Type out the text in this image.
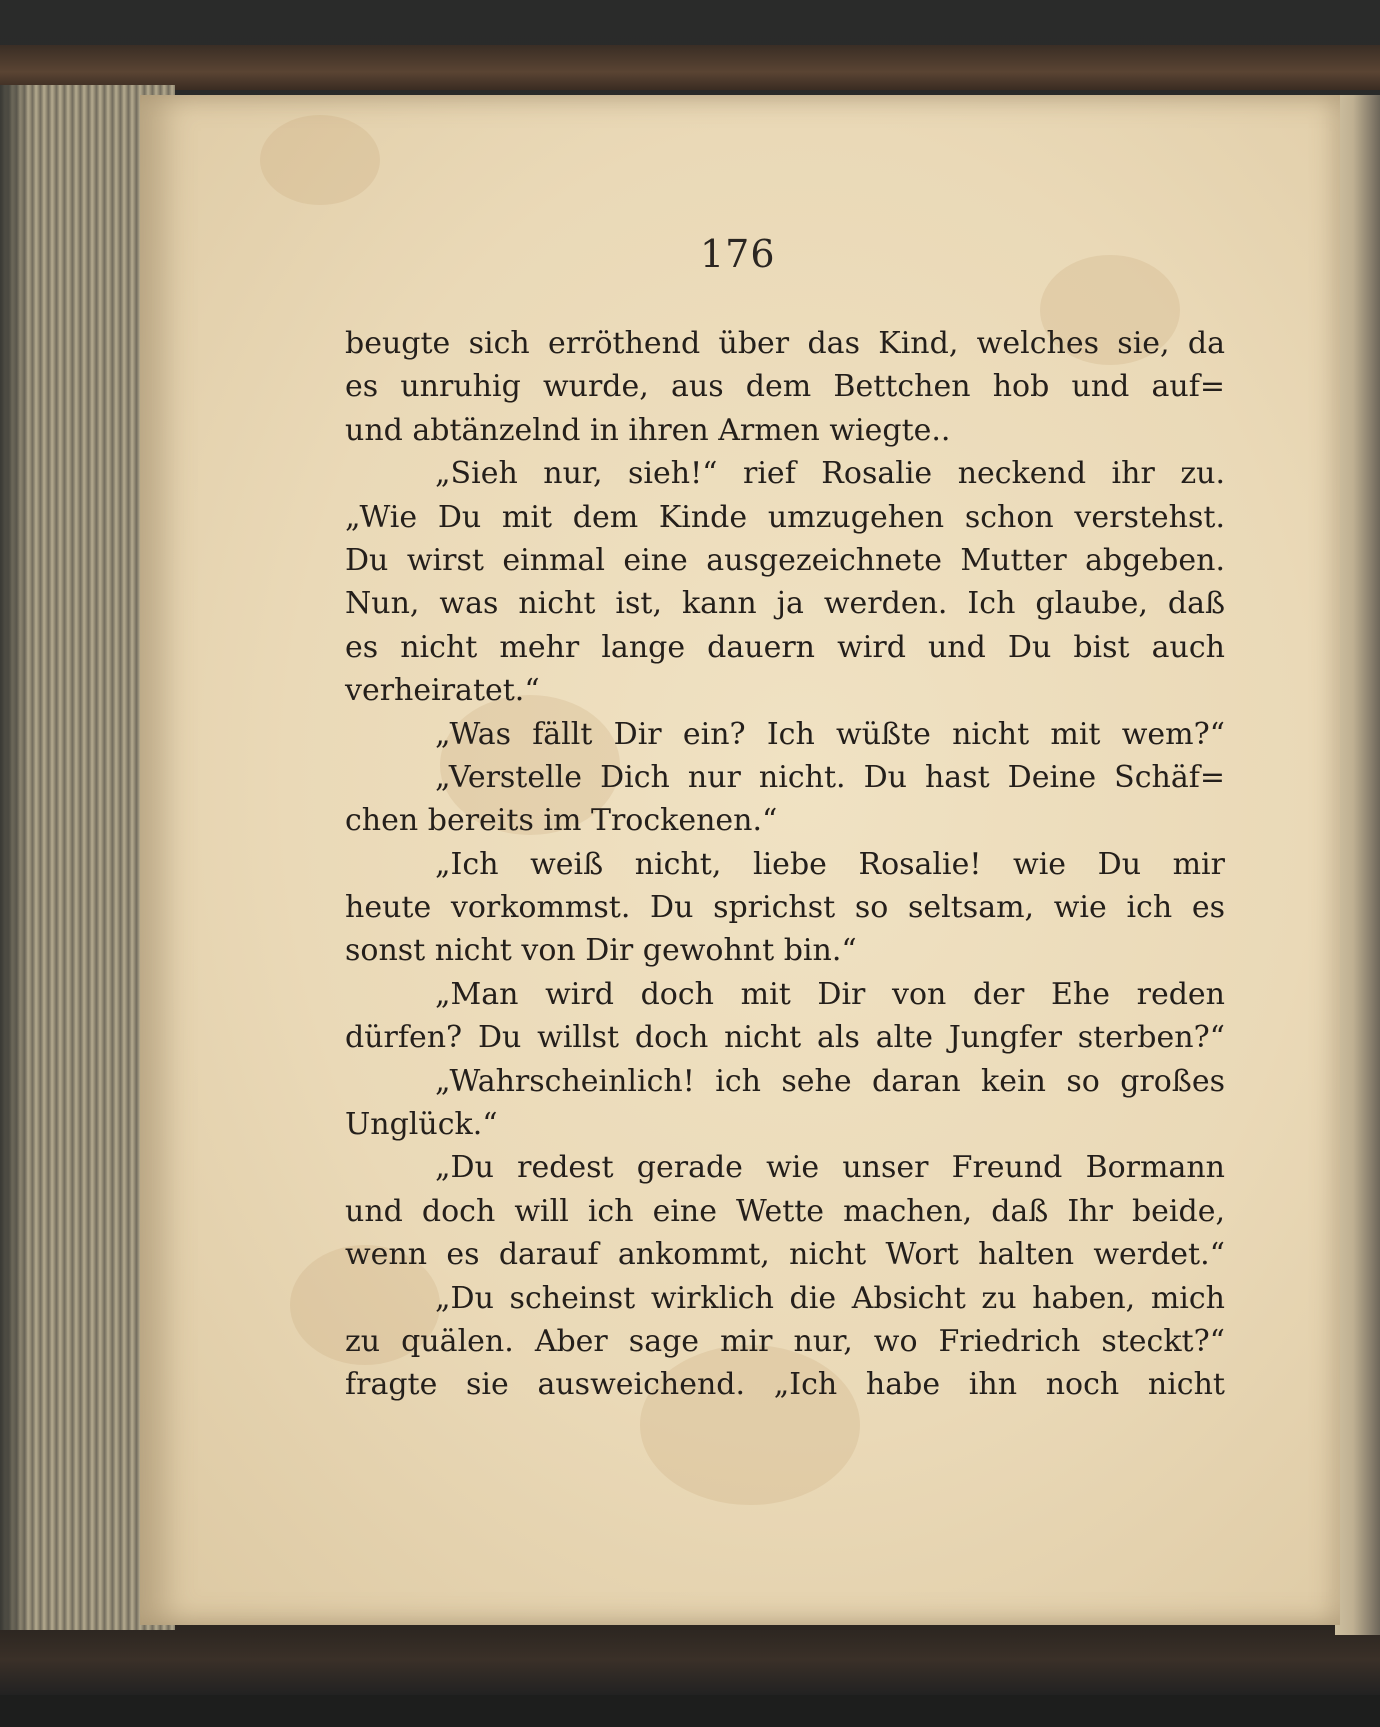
176
beugte sich erröthend über das Kind, welches sie, da
es unruhig wurde, aus dem Bettchen hob und auf=
und abtänzelnd in ihren Armen wiegte..
„Sieh nur, sieh!“ rief Rosalie neckend ihr zu.
„Wie Du mit dem Kinde umzugehen schon verstehst.
Du wirst einmal eine ausgezeichnete Mutter abgeben.
Nun, was nicht ist, kann ja werden. Ich glaube, daß
es nicht mehr lange dauern wird und Du bist auch
verheiratet.“
„Was fällt Dir ein? Ich wüßte nicht mit wem?“
„Verstelle Dich nur nicht. Du hast Deine Schäf=
chen bereits im Trockenen.“
„Ich weiß nicht, liebe Rosalie! wie Du mir
heute vorkommst. Du sprichst so seltsam, wie ich es
sonst nicht von Dir gewohnt bin.“
„Man wird doch mit Dir von der Ehe reden
dürfen? Du willst doch nicht als alte Jungfer sterben?“
„Wahrscheinlich! ich sehe daran kein so großes
Unglück.“
„Du redest gerade wie unser Freund Bormann
und doch will ich eine Wette machen, daß Ihr beide,
wenn es darauf ankommt, nicht Wort halten werdet.“
„Du scheinst wirklich die Absicht zu haben, mich
zu quälen. Aber sage mir nur, wo Friedrich steckt?“
fragte sie ausweichend. „Ich habe ihn noch nicht
